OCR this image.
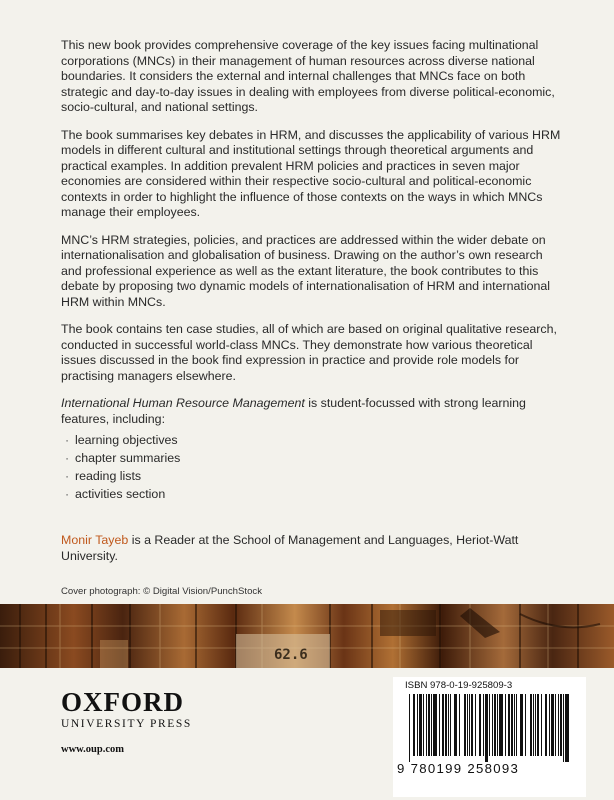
This new book provides comprehensive coverage of the key issues facing multinational corporations (MNCs) in their management of human resources across diverse national boundaries. It considers the external and internal challenges that MNCs face on both strategic and day-to-day issues in dealing with employees from diverse political-economic, socio-cultural, and national settings.

The book summarises key debates in HRM, and discusses the applicability of various HRM models in different cultural and institutional settings through theoretical arguments and practical examples. In addition prevalent HRM policies and practices in seven major economies are considered within their respective socio-cultural and political-economic contexts in order to highlight the influence of those contexts on the ways in which MNCs manage their employees.

MNC’s HRM strategies, policies, and practices are addressed within the wider debate on internationalisation and globalisation of business. Drawing on the author’s own research and professional experience as well as the extant literature, the book contributes to this debate by proposing two dynamic models of internationalisation of HRM and international HRM within MNCs.

The book contains ten case studies, all of which are based on original qualitative research, conducted in successful world-class MNCs. They demonstrate how various theoretical issues discussed in the book find expression in practice and provide role models for practising managers elsewhere.

International Human Resource Management is student-focussed with strong learning features, including:

· learning objectives
· chapter summaries
· reading lists
· activities section

Monir Tayeb is a Reader at the School of Management and Languages, Heriot-Watt University.

Cover photograph: © Digital Vision/PunchStock

62.6
OXFORD
UNIVERSITY PRESS
www.oup.com
ISBN 978-0-19-925809-3
9 780199 258093
